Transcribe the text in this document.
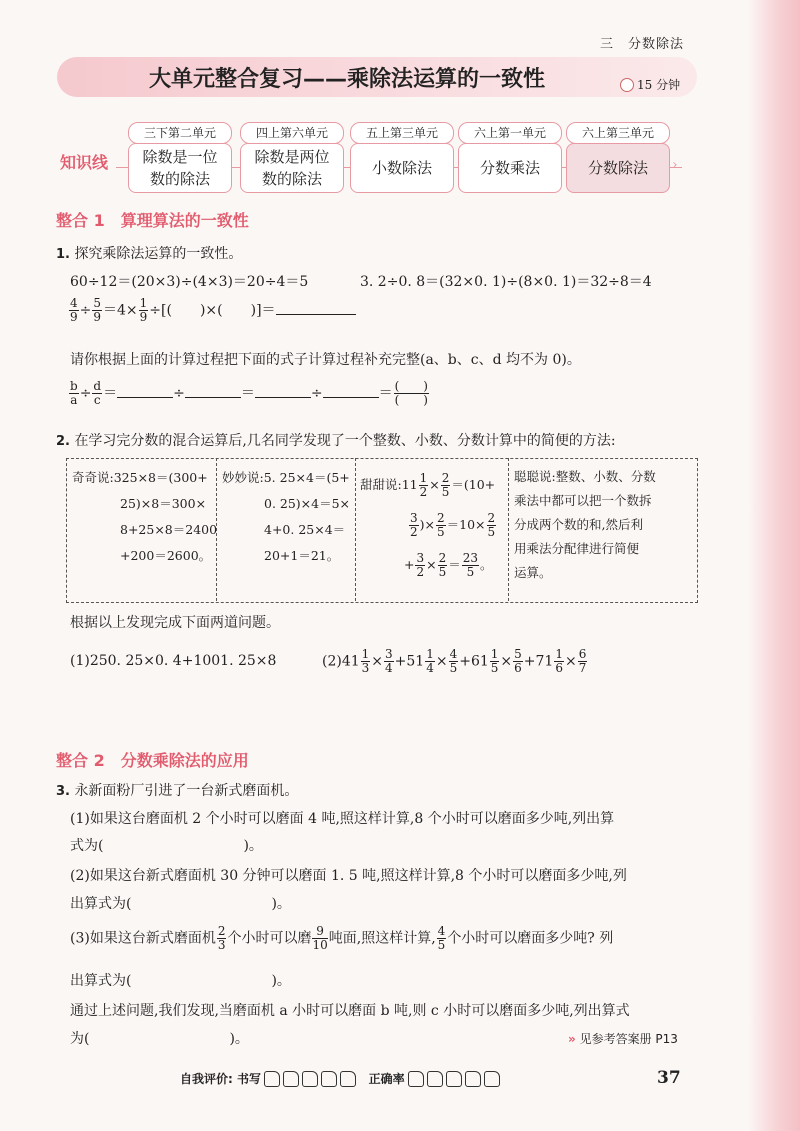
三　分数除法
大单元整合复习——乘除法运算的一致性	15 分钟
知识线
三下第二单元
除数是一位
数的除法
四上第六单元
除数是两位
数的除法
五上第三单元
小数除法
六上第一单元
分数乘法
六上第三单元
分数除法 ›
整合 1　算理算法的一致性
1. 探究乘除法运算的一致性。
60÷12＝(20×3)÷(4×3)＝20÷4＝5	3. 2÷0. 8＝(32×0. 1)÷(8×0. 1)＝32÷8＝4
$\frac{4}{9} \div \frac{5}{9} =4\times \frac{1}{9}$ ÷[(　　)×(　　)]＝
请你根据上面的计算过程把下面的式子计算过程补充完整(a、b、c、d 均不为 0)。
$\frac{b}{a} \div \frac{d}{c}$ ＝	÷	＝	÷	＝ $\frac{( )}{( )}$
2. 在学习完分数的混合运算后,几名同学发现了一个整数、小数、分数计算中的简便的方法:
奇奇说:325×8＝(300+
25)×8＝300×
8+25×8＝2400
+200＝2600。
妙妙说:5. 25×4＝(5+
0. 25)×4＝5×
4+0. 25×4＝
20+1＝21。
甜甜说:11 $\frac{1}{2} \times \frac{2}{5} =(10+$
$\frac{3}{2}$ )× $\frac{2}{5} =10\times \frac{2}{5}$
+ $\frac{3}{2} \times \frac{2}{5} = \frac{23}{5}$ 。
聪聪说:整数、小数、分数
乘法中都可以把一个数拆
分成两个数的和,然后利
用乘法分配律进行简便
运算。
根据以上发现完成下面两道问题。
(1)250. 25×0. 4+1001. 25×8	$(2)41 \frac{1}{3} \times \frac{3}{4} +51 \frac{1}{4} \times \frac{4}{5} +61 \frac{1}{5} \times \frac{5}{6} +71 \frac{1}{6} \times \frac{6}{7}$
整合 2　分数乘除法的应用
3. 永新面粉厂引进了一台新式磨面机。
(1)如果这台磨面机 2 个小时可以磨面 4 吨,照这样计算,8 个小时可以磨面多少吨,列出算
式为(　　　　　　　　　　)。
(2)如果这台新式磨面机 30 分钟可以磨面 1. 5 吨,照这样计算,8 个小时可以磨面多少吨,列
出算式为(　　　　　　　　　　)。
(3)如果这台新式磨面机 $\frac{2}{3}$ 个小时可以磨 $\frac{9}{10}$ 吨面,照这样计算, $\frac{4}{5}$ 个小时可以磨面多少吨? 列
出算式为(　　　　　　　　　　)。
通过上述问题,我们发现,当磨面机 a 小时可以磨面 b 吨,则 c 小时可以磨面多少吨,列出算式
为(　　　　　　　　　　)。	» 见参考答案册 P13
自我评价:
书写
	正确率	37
